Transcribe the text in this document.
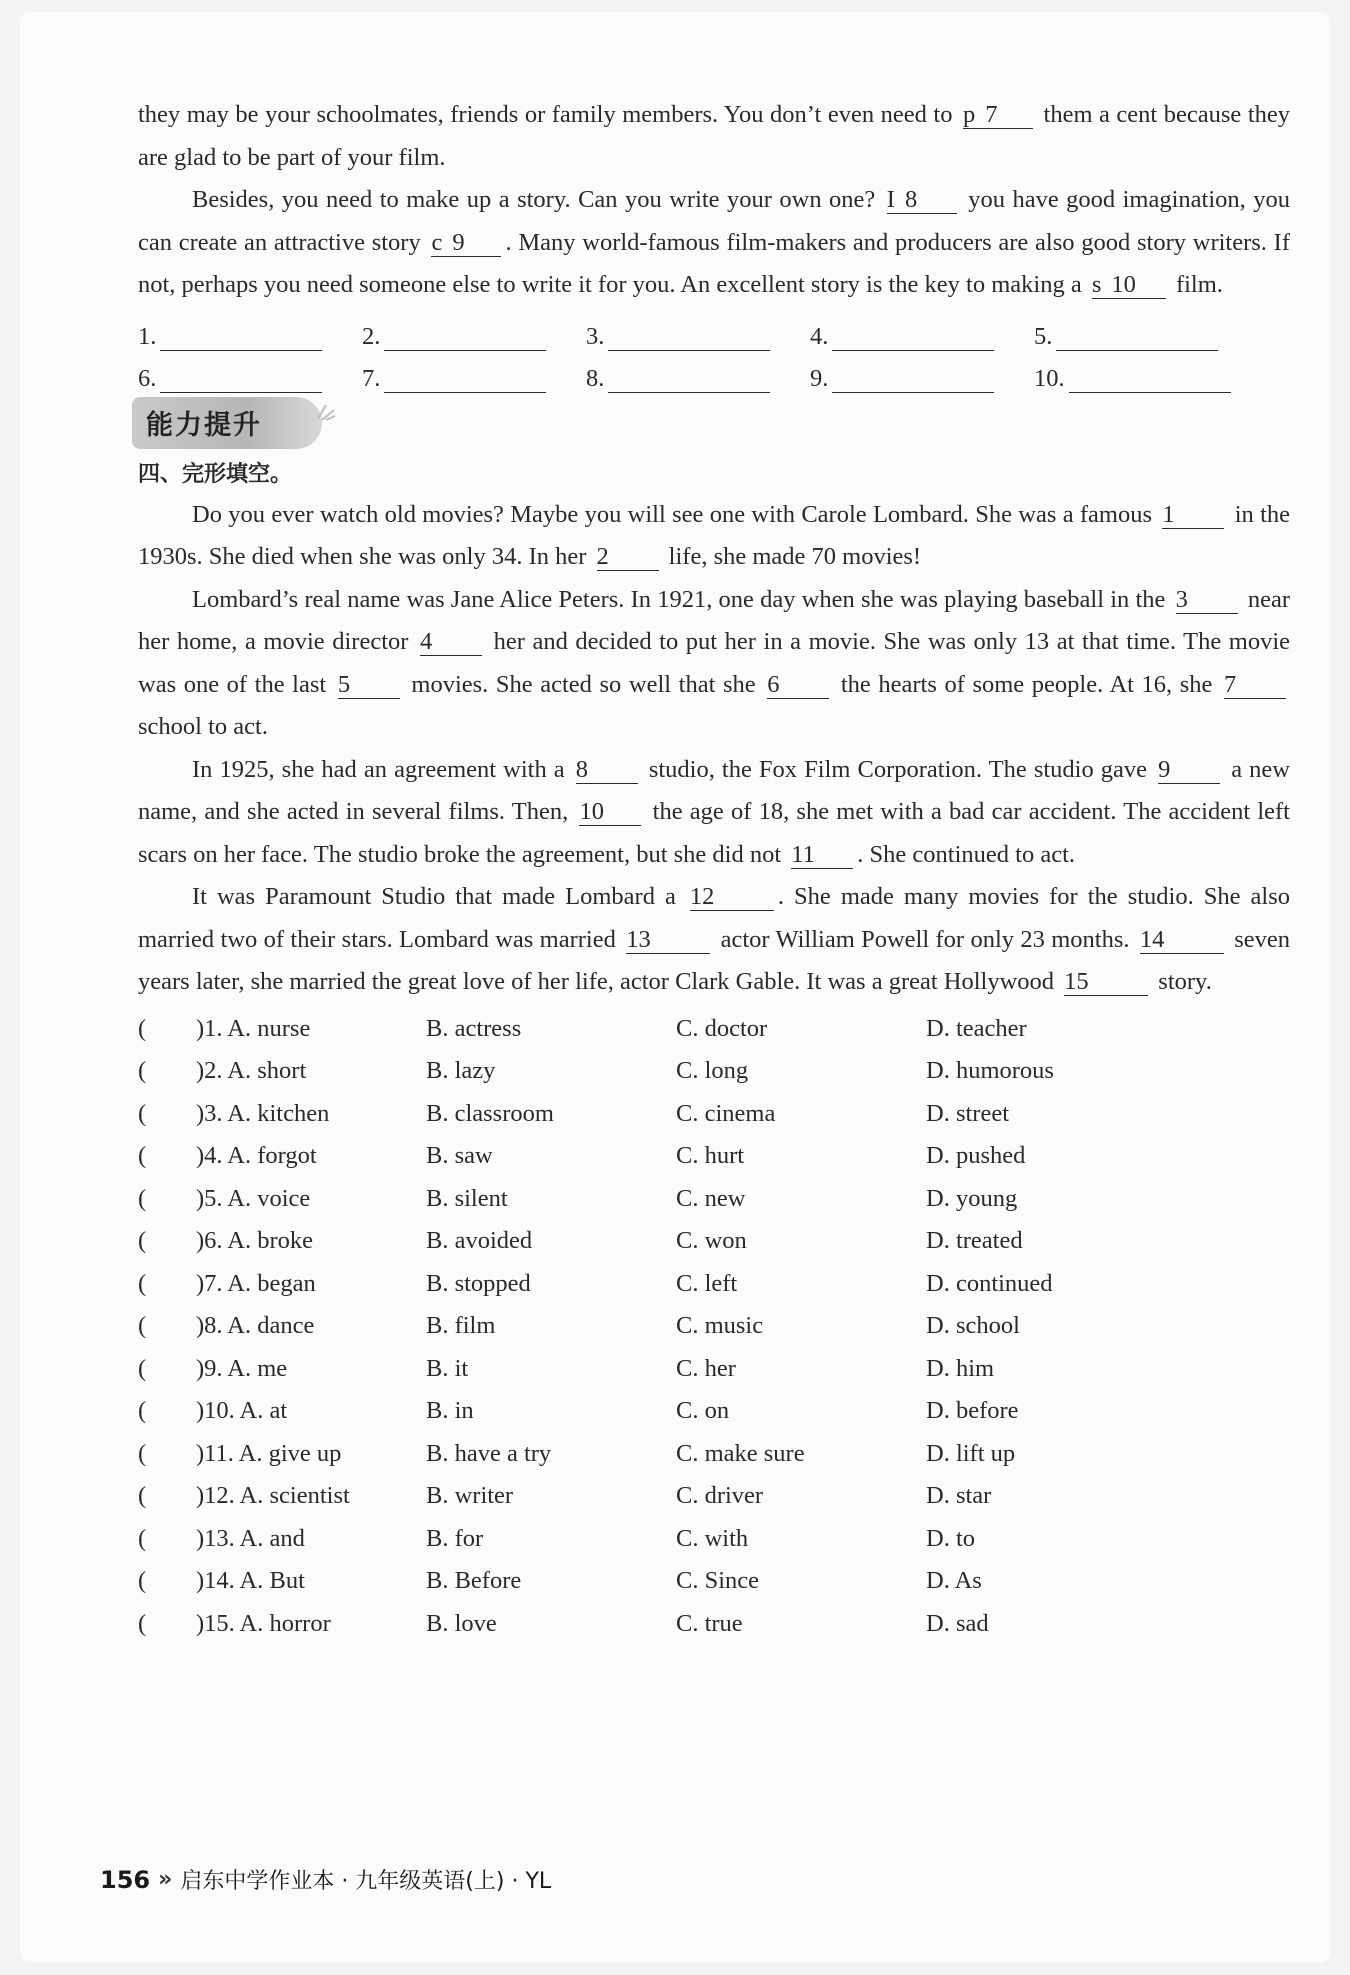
they may be your schoolmates, friends or family members. You don’t even need to p 7 them a cent because they are glad to be part of your film.

Besides, you need to make up a story. Can you write your own one? I 8 you have good imagination, you can create an attractive story c 9 . Many world-famous film-makers and producers are also good story writers. If not, perhaps you need someone else to write it for you. An excellent story is the key to making a s 10 film.

1.	2.	3.	4.	5.
6.	7.	8.	9.	10.
能力提升
四、完形填空。

Do you ever watch old movies? Maybe you will see one with Carole Lombard. She was a famous 1 in the 1930s. She died when she was only 34. In her 2 life, she made 70 movies!

Lombard’s real name was Jane Alice Peters. In 1921, one day when she was playing baseball in the 3 near her home, a movie director 4	her and decided to put her in a movie. She was only 13 at that time. The movie was one of the last 5	movies. She acted so well that she 6	the hearts of some people. At 16, she 7 school to act.

In 1925, she had an agreement with a 8 studio, the Fox Film Corporation. The studio gave 9 a new name, and she acted in several films. Then, 10 the age of 18, she met with a bad car accident. The accident left scars on her face. The studio broke the agreement, but she did not 11 . She continued to act.

It was Paramount Studio that made Lombard a 12	. She made many movies for the studio. She also married two of their stars. Lombard was married 13	actor William Powell for only 23 months. 14	seven years later, she married the great love of her life, actor Clark Gable. It was a great Hollywood 15	story.

(	)1. A. nurse	B. actress	C. doctor	D. teacher
(	)2. A. short	B. lazy	C. long	D. humorous
(	)3. A. kitchen	B. classroom	C. cinema	D. street
(	)4. A. forgot	B. saw	C. hurt	D. pushed
(	)5. A. voice	B. silent	C. new	D. young
(	)6. A. broke	B. avoided	C. won	D. treated
(	)7. A. began	B. stopped	C. left	D. continued
(	)8. A. dance	B. film	C. music	D. school
(	)9. A. me	B. it	C. her	D. him
(	)10. A. at	B. in	C. on	D. before
(	)11. A. give up	B. have a try	C. make sure	D. lift up
(	)12. A. scientist	B. writer	C. driver	D. star
(	)13. A. and	B. for	C. with	D. to
(	)14. A. But	B. Before	C. Since	D. As
(	)15. A. horror	B. love	C. true	D. sad
156 » 启东中学作业本 · 九年级英语(上) · YL
